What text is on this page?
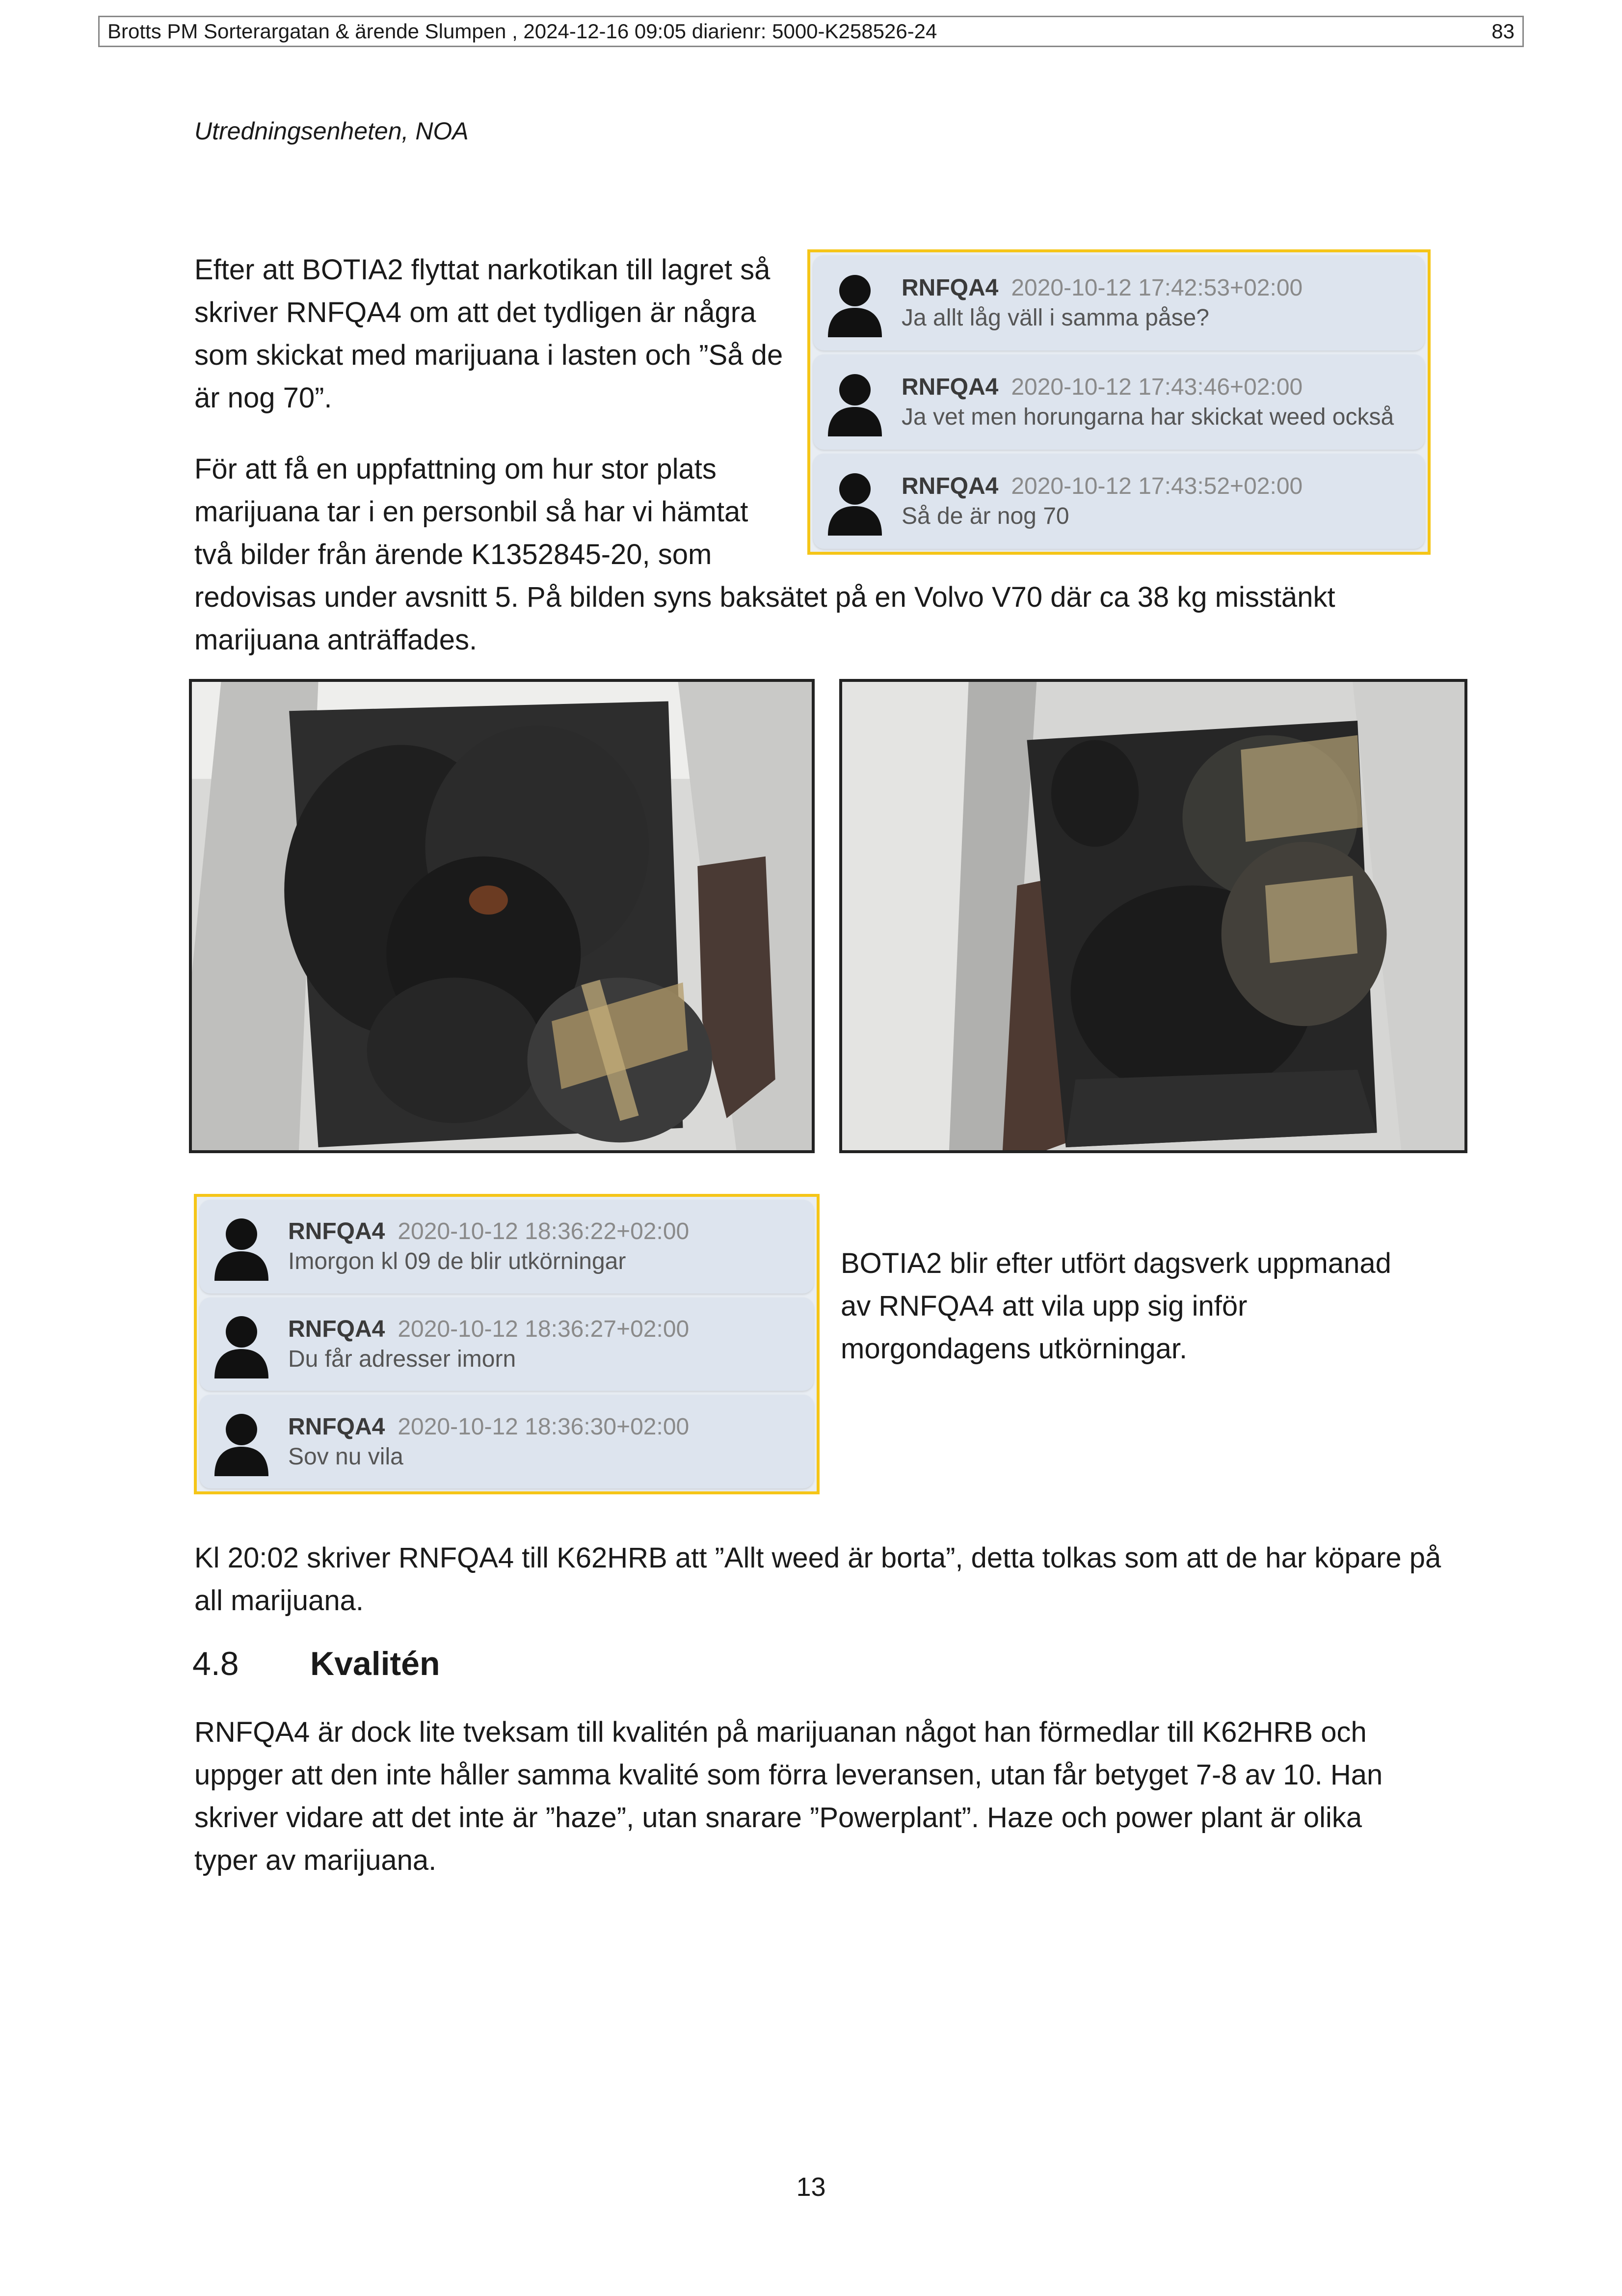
Brotts PM Sorterargatan & ärende Slumpen , 2024-12-16 09:05 diarienr: 5000-K258526-24	83
Utredningsenheten, NOA

Efter att BOTIA2 flyttat narkotikan till lagret så
skriver RNFQA4 om att det tydligen är några
som skickat med marijuana i lasten och ”Så de
är nog 70”.

För att få en uppfattning om hur stor plats
marijuana tar i en personbil så har vi hämtat
två bilder från ärende K1352845-20, som
redovisas under avsnitt 5. På bilden syns baksätet på en Volvo V70 där ca 38 kg misstänkt
marijuana anträffades.

RNFQA4 2020-10-12 17:42:53+02:00
Ja allt låg väll i samma påse?
RNFQA4 2020-10-12 17:43:46+02:00
Ja vet men horungarna har skickat weed också
RNFQA4 2020-10-12 17:43:52+02:00
Så de är nog 70
RNFQA4 2020-10-12 18:36:22+02:00
Imorgon kl 09 de blir utkörningar
RNFQA4 2020-10-12 18:36:27+02:00
Du får adresser imorn
RNFQA4 2020-10-12 18:36:30+02:00
Sov nu vila

BOTIA2 blir efter utfört dagsverk uppmanad
av RNFQA4 att vila upp sig inför
morgondagens utkörningar.

Kl 20:02 skriver RNFQA4 till K62HRB att ”Allt weed är borta”, detta tolkas som att de har köpare på
all marijuana.

4.8	Kvalitén

RNFQA4 är dock lite tveksam till kvalitén på marijuanan något han förmedlar till K62HRB och
uppger att den inte håller samma kvalité som förra leveransen, utan får betyget 7-8 av 10. Han
skriver vidare att det inte är ”haze”, utan snarare ”Powerplant”. Haze och power plant är olika
typer av marijuana.

13
